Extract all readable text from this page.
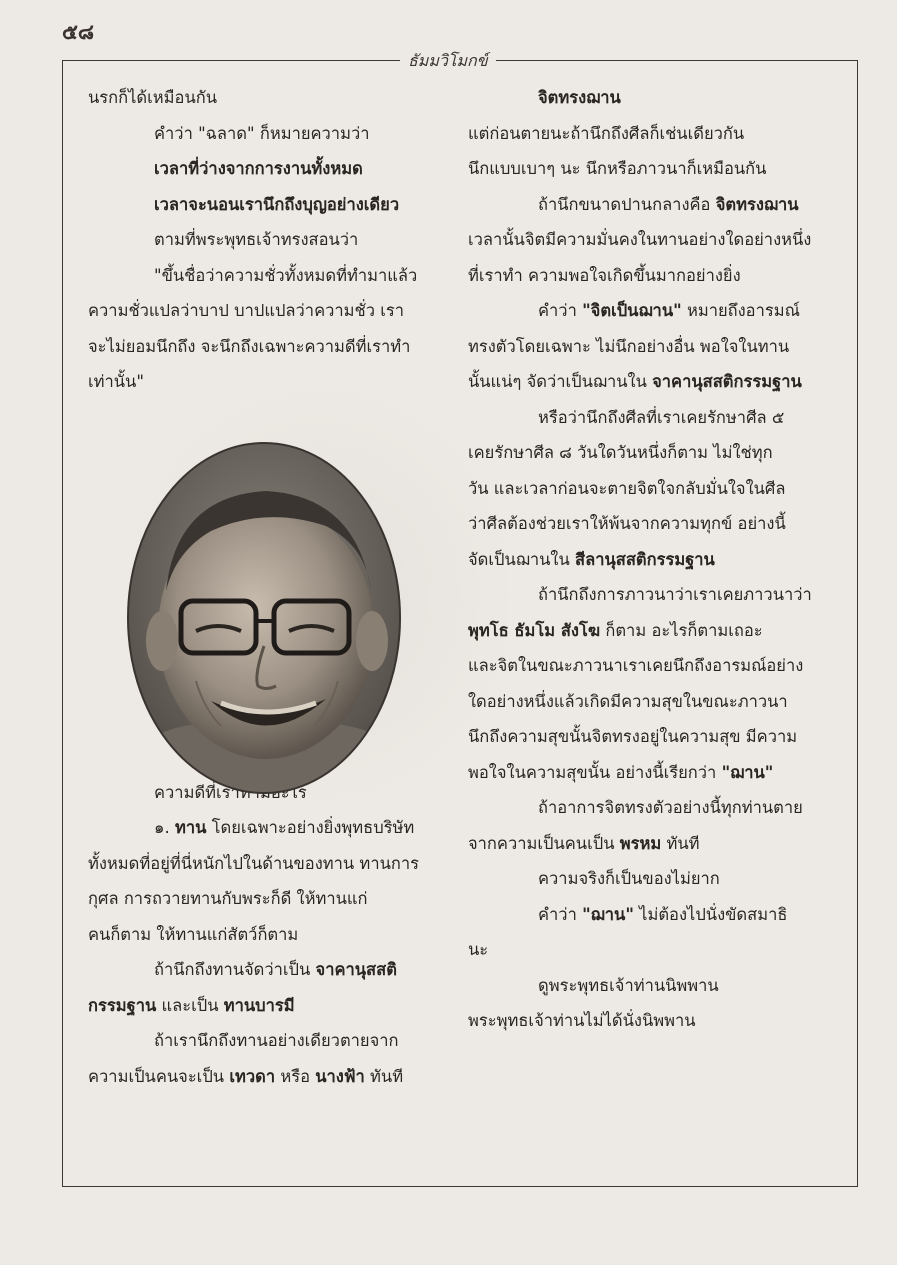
๕๘
ธัมมวิโมกข์
นรกก็ได้เหมือนกัน
คำว่า "ฉลาด" ก็หมายความว่า
เวลาที่ว่างจากการงานทั้งหมด
เวลาจะนอนเรานึกถึงบุญอย่างเดียว
ตามที่พระพุทธเจ้าทรงสอนว่า
"ขึ้นชื่อว่าความชั่วทั้งหมดที่ทำมาแล้ว
ความชั่วแปลว่าบาป บาปแปลว่าความชั่ว เรา
จะไม่ยอมนึกถึง จะนึกถึงเฉพาะความดีที่เราทำ
เท่านั้น"
ความดีที่เราทำมีอะไร
๑. ทาน โดยเฉพาะอย่างยิ่งพุทธบริษัท
ทั้งหมดที่อยู่ที่นี่หนักไปในด้านของทาน ทานการ
กุศล การถวายทานกับพระก็ดี ให้ทานแก่
คนก็ตาม ให้ทานแก่สัตว์ก็ตาม
ถ้านึกถึงทานจัดว่าเป็น จาคานุสสติ
กรรมฐาน และเป็น ทานบารมี
ถ้าเรานึกถึงทานอย่างเดียวตายจาก
ความเป็นคนจะเป็น เทวดา หรือ นางฟ้า ทันที
จิตทรงฌาน
แต่ก่อนตายนะถ้านึกถึงศีลก็เช่นเดียวกัน
นึกแบบเบาๆ นะ นึกหรือภาวนาก็เหมือนกัน
ถ้านึกขนาดปานกลางคือ จิตทรงฌาน
เวลานั้นจิตมีความมั่นคงในทานอย่างใดอย่างหนึ่ง
ที่เราทำ ความพอใจเกิดขึ้นมากอย่างยิ่ง
คำว่า "จิตเป็นฌาน" หมายถึงอารมณ์
ทรงตัวโดยเฉพาะ ไม่นึกอย่างอื่น พอใจในทาน
นั้นแน่ๆ จัดว่าเป็นฌานใน จาคานุสสติกรรมฐาน
หรือว่านึกถึงศีลที่เราเคยรักษาศีล ๕
เคยรักษาศีล ๘ วันใดวันหนึ่งก็ตาม ไม่ใช่ทุก
วัน และเวลาก่อนจะตายจิตใจกลับมั่นใจในศีล
ว่าศีลต้องช่วยเราให้พ้นจากความทุกข์ อย่างนี้
จัดเป็นฌานใน สีลานุสสติกรรมฐาน
ถ้านึกถึงการภาวนาว่าเราเคยภาวนาว่า
พุทโธ ธัมโม สังโฆ ก็ตาม อะไรก็ตามเถอะ
และจิตในขณะภาวนาเราเคยนึกถึงอารมณ์อย่าง
ใดอย่างหนึ่งแล้วเกิดมีความสุขในขณะภาวนา
นึกถึงความสุขนั้นจิตทรงอยู่ในความสุข มีความ
พอใจในความสุขนั้น อย่างนี้เรียกว่า "ฌาน"
ถ้าอาการจิตทรงตัวอย่างนี้ทุกท่านตาย
จากความเป็นคนเป็น พรหม ทันที
ความจริงก็เป็นของไม่ยาก
คำว่า "ฌาน" ไม่ต้องไปนั่งขัดสมาธิ
นะ
ดูพระพุทธเจ้าท่านนิพพาน
พระพุทธเจ้าท่านไม่ได้นั่งนิพพาน
